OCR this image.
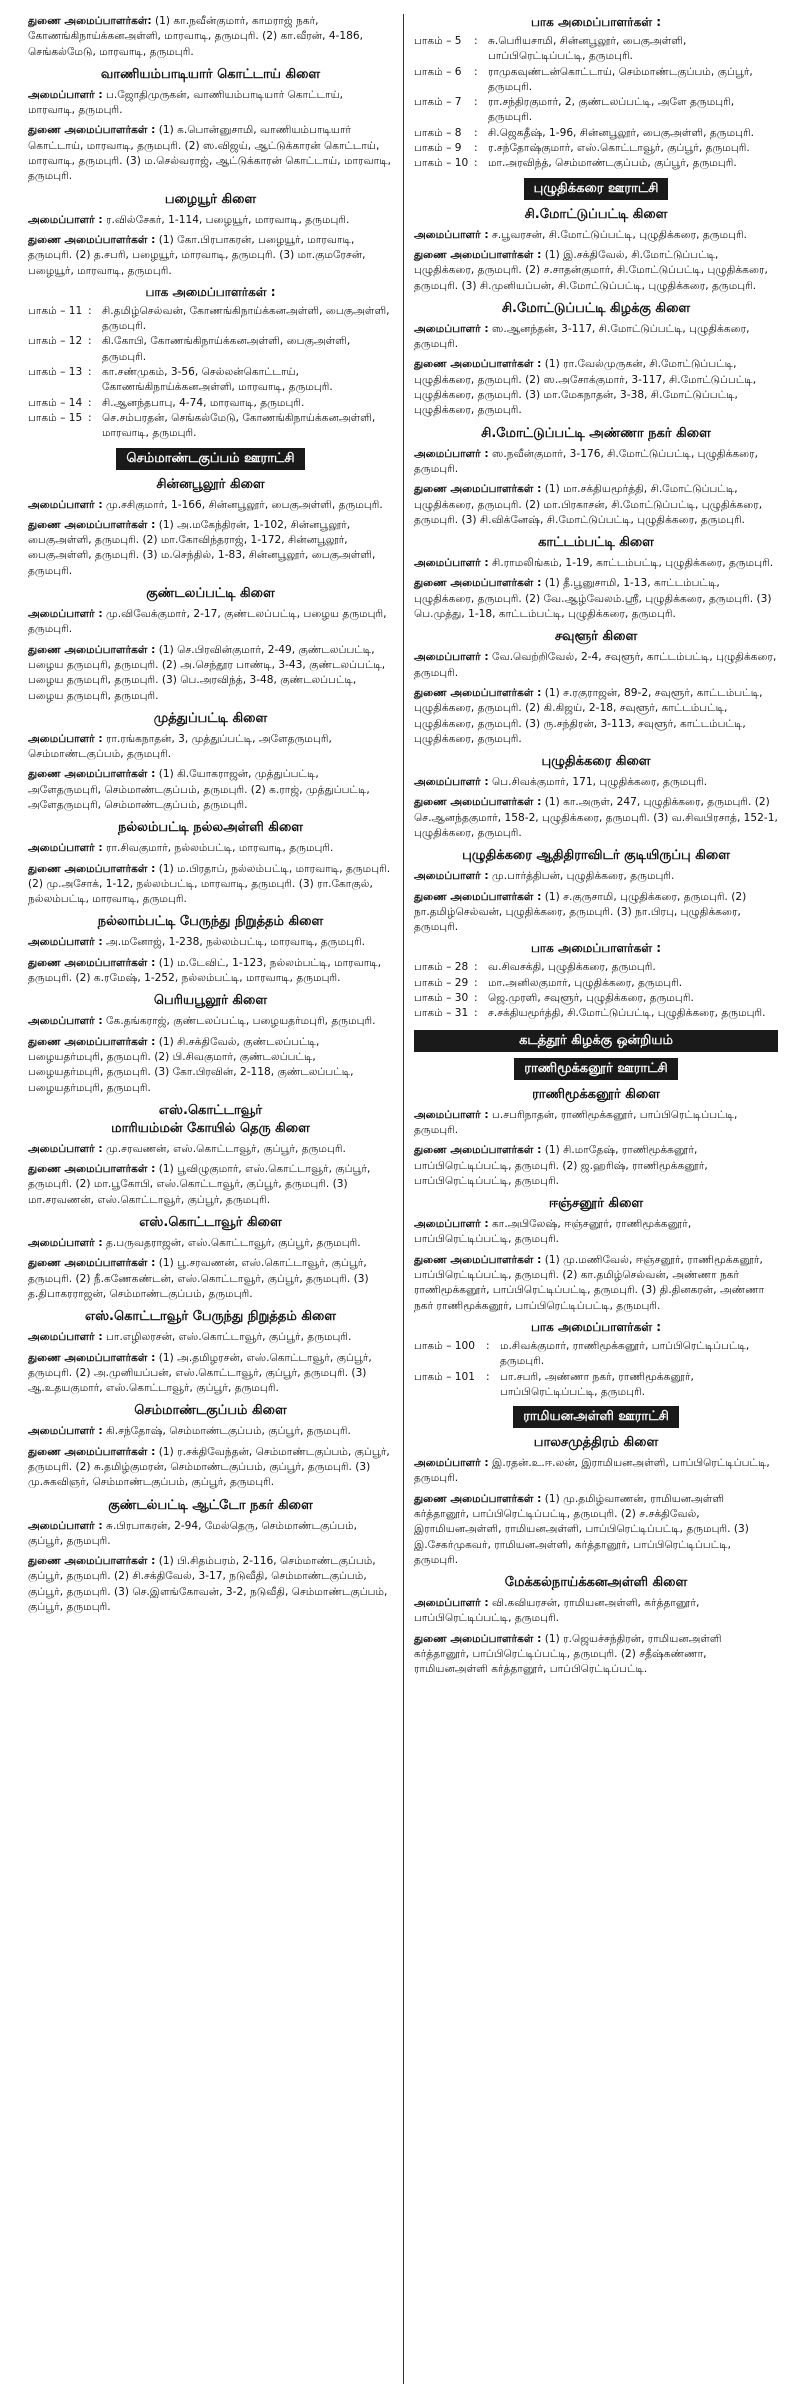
துணை அமைப்பாளர்கள்: (1) கா.நவீன்குமார், காமராஜ் நகர், கோணங்கிநாய்க்கனஅள்ளி, மாரவாடி, தருமபுரி. (2) கா.வீரன், 4-186, செங்கல்மேடு, மாரவாடி, தருமபுரி.

வாணியம்பாடியார் கொட்டாய் கிளை

அமைப்பாளர் : ப.ஜோதிமுருகன், வாணியம்பாடியார் கொட்டாய், மாரவாடி, தருமபுரி.

துணை அமைப்பாளர்கள் : (1) க.பொன்னுசாமி, வாணியம்பாடியார் கொட்டாய், மாரவாடி, தருமபுரி. (2) ஸ.விஜய், ஆட்டுக்காரன் கொட்டாய், மாரவாடி, தருமபுரி. (3) ம.செல்வராஜ், ஆட்டுக்காரன் கொட்டாய், மாரவாடி, தருமபுரி.

பழையூர் கிளை

அமைப்பாளர் : ர.வில்சேகர், 1-114, பழையூர், மாரவாடி, தருமபுரி.

துணை அமைப்பாளர்கள் : (1) கோ.பிரபாகரன், பழையூர், மாரவாடி, தருமபுரி. (2) த.சபரி, பழையூர், மாரவாடி, தருமபுரி. (3) மா.குமரேசன், பழையூர், மாரவாடி, தருமபுரி.

பாக அமைப்பாளர்கள் :
பாகம் – 11 : சி.தமிழ்செல்வன், கோணங்கிநாய்க்கனஅள்ளி, பைகுஅள்ளி, தருமபுரி.
பாகம் – 12 : கி.கோபி, கோணங்கிநாய்க்கனஅள்ளி, பைகுஅள்ளி, தருமபுரி.
பாகம் – 13 : கா.சண்முகம், 3-56, செல்லன்கொட்டாய், கோணங்கிநாய்க்கனஅள்ளி, மாரவாடி, தருமபுரி.
பாகம் – 14 : சி.ஆனந்தபாபு, 4-74, மாரவாடி, தருமபுரி.
பாகம் – 15 : செ.சம்பரதன், செங்கல்மேடு, கோணங்கிநாய்க்கனஅள்ளி, மாரவாடி, தருமபுரி.
செம்மாண்டகுப்பம் ஊராட்சி
சின்னபூலூர் கிளை

அமைப்பாளர் : மு.சசிகுமார், 1-166, சின்னபூலூர், பைகுஅள்ளி, தருமபுரி.

துணை அமைப்பாளர்கள் : (1) அ.மகேந்திரன், 1-102, சின்னபூலூர், பைகுஅள்ளி, தருமபுரி. (2) மா.கோவிந்தராஜ், 1-172, சின்னபூலூர், பைகுஅள்ளி, தருமபுரி. (3) ம.செந்தில், 1-83, சின்னபூலூர், பைகுஅள்ளி, தருமபுரி.

குண்டலப்பட்டி கிளை

அமைப்பாளர் : மு.விவேக்குமார், 2-17, குண்டலப்பட்டி, பழைய தருமபுரி, தருமபுரி.

துணை அமைப்பாளர்கள் : (1) செ.பிரவின்குமார், 2-49, குண்டலப்பட்டி, பழைய தருமபுரி, தருமபுரி. (2) அ.செந்தூர பாண்டி, 3-43, குண்டலப்பட்டி, பழைய தருமபுரி, தருமபுரி. (3) பெ.அரவிந்த், 3-48, குண்டலப்பட்டி, பழைய தருமபுரி, தருமபுரி.

முத்துப்பட்டி கிளை

அமைப்பாளர் : ரா.ரங்கநாதன், 3, முத்துப்பட்டி, அளேதருமபுரி, செம்மாண்டகுப்பம், தருமபுரி.

துணை அமைப்பாளர்கள் : (1) கி.யோகராஜன், முத்துப்பட்டி, அளேதருமபுரி, செம்மாண்டகுப்பம், தருமபுரி. (2) க.ராஜ், முத்துப்பட்டி, அளேதருமபுரி, செம்மாண்டகுப்பம், தருமபுரி.

நல்லம்பட்டி நல்லஅள்ளி கிளை

அமைப்பாளர் : ரா.சிவகுமார், நல்லம்பட்டி, மாரவாடி, தருமபுரி.

துணை அமைப்பாளர்கள் : (1) ம.பிரதாப், நல்லம்பட்டி, மாரவாடி, தருமபுரி. (2) மு.அசோக், 1-12, நல்லம்பட்டி, மாரவாடி, தருமபுரி. (3) ரா.கோகுல், நல்லம்பட்டி, மாரவாடி, தருமபுரி.

நல்லாம்பட்டி பேருந்து நிறுத்தம் கிளை

அமைப்பாளர் : அ.மனோஜ், 1-238, நல்லம்பட்டி, மாரவாடி, தருமபுரி.

துணை அமைப்பாளர்கள் : (1) ம.டேவிட், 1-123, நல்லம்பட்டி, மாரவாடி, தருமபுரி. (2) க.ரமேஷ், 1-252, நல்லம்பட்டி, மாரவாடி, தருமபுரி.

பெரியபூலூர் கிளை

அமைப்பாளர் : கே.தங்கராஜ், குண்டலப்பட்டி, பழையதர்மபுரி, தருமபுரி.

துணை அமைப்பாளர்கள் : (1) சி.சக்திவேல், குண்டலப்பட்டி, பழையதர்மபுரி, தருமபுரி. (2) பி.சிவகுமார், குண்டலப்பட்டி, பழையதர்மபுரி, தருமபுரி. (3) கோ.பிரவின், 2-118, குண்டலப்பட்டி, பழையதர்மபுரி, தருமபுரி.

எஸ்.கொட்டாவூர்
மாரியம்மன் கோயில் தெரு கிளை

அமைப்பாளர் : மு.சரவணன், எஸ்.கொட்டாவூர், குப்பூர், தருமபுரி.

துணை அமைப்பாளர்கள் : (1) பூவிழுகுமார், எஸ்.கொட்டாவூர், குப்பூர், தருமபுரி. (2) மா.பூகோபி, எஸ்.கொட்டாவூர், குப்பூர், தருமபுரி. (3) மா.சரவணன், எஸ்.கொட்டாவூர், குப்பூர், தருமபுரி.

எஸ்.கொட்டாவூர் கிளை

அமைப்பாளர் : த.பருவதராஜன், எஸ்.கொட்டாவூர், குப்பூர், தருமபுரி.

துணை அமைப்பாளர்கள் : (1) பூ.சரவணன், எஸ்.கொட்டாவூர், குப்பூர், தருமபுரி. (2) நீ.கணேகண்டன், எஸ்.கொட்டாவூர், குப்பூர், தருமபுரி. (3) த.திபாகரராஜன், செம்மாண்டகுப்பம், தருமபுரி.

எஸ்.கொட்டாவூர் பேருந்து நிறுத்தம் கிளை

அமைப்பாளர் : பா.எழிலரசன், எஸ்.கொட்டாவூர், குப்பூர், தருமபுரி.

துணை அமைப்பாளர்கள் : (1) அ.தமிழரசன், எஸ்.கொட்டாவூர், குப்பூர், தருமபுரி. (2) அ.முனியப்பன், எஸ்.கொட்டாவூர், குப்பூர், தருமபுரி. (3) ஆ.உதயகுமார், எஸ்.கொட்டாவூர், குப்பூர், தருமபுரி.

செம்மாண்டகுப்பம் கிளை

அமைப்பாளர் : கி.சந்தோஷ், செம்மாண்டகுப்பம், குப்பூர், தருமபுரி.

துணை அமைப்பாளர்கள் : (1) ர.சக்திவேந்தன், செம்மாண்டகுப்பம், குப்பூர், தருமபுரி. (2) சு.தமிழ்குமரன், செம்மாண்டகுப்பம், குப்பூர், தருமபுரி. (3) மு.சுகவிஞர், செம்மாண்டகுப்பம், குப்பூர், தருமபுரி.

குண்டல்பட்டி ஆட்டோ நகர் கிளை

அமைப்பாளர் : சு.பிரபாகரன், 2-94, மேல்தெரு, செம்மாண்டகுப்பம், குப்பூர், தருமபுரி.

துணை அமைப்பாளர்கள் : (1) பி.சிதம்பரம், 2-116, செம்மாண்டகுப்பம், குப்பூர், தருமபுரி. (2) சி.சக்திவேல், 3-17, நடுவீதி, செம்மாண்டகுப்பம், குப்பூர், தருமபுரி. (3) செ.இளங்கோவன், 3-2, நடுவீதி, செம்மாண்டகுப்பம், குப்பூர், தருமபுரி.

பாக அமைப்பாளர்கள் :
பாகம் – 5	: சு.பெரியசாமி, சின்னபூலூர், பைகுஅள்ளி, பாப்பிரெட்டிப்பட்டி, தருமபுரி.
பாகம் – 6	: ராமுகவுண்டன்கொட்டாய், செம்மாண்டகுப்பம், குப்பூர், தருமபுரி.
பாகம் – 7	: ரா.சந்திரகுமார், 2, குண்டலப்பட்டி, அளே தருமபுரி, தருமபுரி.
பாகம் – 8	: சி.ஜெகதீஷ், 1-96, சின்னபூலூர், பைகுஅள்ளி, தருமபுரி.
பாகம் – 9	: ர.சந்தோஷ்குமார், எஸ்.கொட்டாவூர், குப்பூர், தருமபுரி.
பாகம் – 10 : மா.அரவிந்த், செம்மாண்டகுப்பம், குப்பூர், தருமபுரி.
புழுதிக்கரை ஊராட்சி
சி.மோட்டுப்பட்டி கிளை

அமைப்பாளர் : ச.பூவரசன், சி.மோட்டுப்பட்டி, புழுதிக்கரை, தருமபுரி.

துணை அமைப்பாளர்கள் : (1) இ.சக்திவேல், சி.மோட்டுப்பட்டி, புழுதிக்கரை, தருமபுரி. (2) ச.சாதன்குமார், சி.மோட்டுப்பட்டி, புழுதிக்கரை, தருமபுரி. (3) சி.முனியப்பன், சி.மோட்டுப்பட்டி, புழுதிக்கரை, தருமபுரி.

சி.மோட்டுப்பட்டி கிழக்கு கிளை

அமைப்பாளர் : ஸ.ஆனந்தன், 3-117, சி.மோட்டுப்பட்டி, புழுதிக்கரை, தருமபுரி.

துணை அமைப்பாளர்கள் : (1) ரா.வேல்முருகன், சி.மோட்டுப்பட்டி, புழுதிக்கரை, தருமபுரி. (2) ஸ.அசோக்குமார், 3-117, சி.மோட்டுப்பட்டி, புழுதிக்கரை, தருமபுரி. (3) மா.மேகநாதன், 3-38, சி.மோட்டுப்பட்டி, புழுதிக்கரை, தருமபுரி.

சி.மோட்டுப்பட்டி அண்ணா நகர் கிளை

அமைப்பாளர் : ஸ.நவீன்குமார், 3-176, சி.மோட்டுப்பட்டி, புழுதிக்கரை, தருமபுரி.

துணை அமைப்பாளர்கள் : (1) மா.சக்தியமூர்த்தி, சி.மோட்டுப்பட்டி, புழுதிக்கரை, தருமபுரி. (2) மா.பிரகாசன், சி.மோட்டுப்பட்டி, புழுதிக்கரை, தருமபுரி. (3) சி.விக்னேஷ், சி.மோட்டுப்பட்டி, புழுதிக்கரை, தருமபுரி.

காட்டம்பட்டி கிளை

அமைப்பாளர் : சி.ராமலிங்கம், 1-19, காட்டம்பட்டி, புழுதிக்கரை, தருமபுரி.

துணை அமைப்பாளர்கள் : (1) தீ.பூனுசாமி, 1-13, காட்டம்பட்டி, புழுதிக்கரை, தருமபுரி. (2) வே.ஆழ்வேலம்.ஸ்ரீ, புழுதிக்கரை, தருமபுரி. (3) பெ.முத்து, 1-18, காட்டம்பட்டி, புழுதிக்கரை, தருமபுரி.

சவுளூர் கிளை

அமைப்பாளர் : வே.வெற்றிவேல், 2-4, சவுளூர், காட்டம்பட்டி, புழுதிக்கரை, தருமபுரி.

துணை அமைப்பாளர்கள் : (1) ச.ரகுராஜன், 89-2, சவுளூர், காட்டம்பட்டி, புழுதிக்கரை, தருமபுரி. (2) கி.கிஜய், 2-18, சவுளூர், காட்டம்பட்டி, புழுதிக்கரை, தருமபுரி. (3) ரு.சந்திரன், 3-113, சவுளூர், காட்டம்பட்டி, புழுதிக்கரை, தருமபுரி.

புழுதிக்கரை கிளை

அமைப்பாளர் : பெ.சிவக்குமார், 171, புழுதிக்கரை, தருமபுரி.

துணை அமைப்பாளர்கள் : (1) கா.அருள், 247, புழுதிக்கரை, தருமபுரி. (2) செ.ஆனந்தகுமார், 158-2, புழுதிக்கரை, தருமபுரி. (3) வ.சிவபிரசாத், 152-1, புழுதிக்கரை, தருமபுரி.

புழுதிக்கரை ஆதிதிராவிடர் குடியிருப்பு கிளை

அமைப்பாளர் : மு.பார்த்திபன், புழுதிக்கரை, தருமபுரி.

துணை அமைப்பாளர்கள் : (1) ச.குருசாமி, புழுதிக்கரை, தருமபுரி. (2) நா.தமிழ்செல்வன், புழுதிக்கரை, தருமபுரி. (3) நா.பிரபு, புழுதிக்கரை, தருமபுரி.

பாக அமைப்பாளர்கள் :
பாகம் – 28 : வ.சிவசக்தி, புழுதிக்கரை, தருமபுரி.
பாகம் – 29 : மா.அனிலகுமார், புழுதிக்கரை, தருமபுரி.
பாகம் – 30 : ஜெ.முரளி, சவுளூர், புழுதிக்கரை, தருமபுரி.
பாகம் – 31 : ச.சக்தியமூர்த்தி, சி.மோட்டுப்பட்டி, புழுதிக்கரை, தருமபுரி.
கடத்தூர் கிழக்கு ஒன்றியம்
ராணிமூக்கனூர் ஊராட்சி
ராணிமூக்கனூர் கிளை

அமைப்பாளர் : ப.சபரிநாதன், ராணிமூக்கனூர், பாப்பிரெட்டிப்பட்டி, தருமபுரி.

துணை அமைப்பாளர்கள் : (1) சி.மாதேஷ், ராணிமூக்கனூர், பாப்பிரெட்டிப்பட்டி, தருமபுரி. (2) ஜ.ஹரிஷ், ராணிமூக்கனூர், பாப்பிரெட்டிப்பட்டி, தருமபுரி.

ஈஞ்சனூர் கிளை

அமைப்பாளர் : கா.அபிலேஷ், ஈஞ்சனூர், ராணிமூக்கனூர், பாப்பிரெட்டிப்பட்டி, தருமபுரி.

துணை அமைப்பாளர்கள் : (1) மு.மணிவேல், ஈஞ்சனூர், ராணிமூக்கனூர், பாப்பிரெட்டிப்பட்டி, தருமபுரி. (2) கா.தமிழ்செல்வன், அண்ணா நகர் ராணிமூக்கனூர், பாப்பிரெட்டிப்பட்டி, தருமபுரி. (3) தி.தினகரன், அண்ணா நகர் ராணிமூக்கனூர், பாப்பிரெட்டிப்பட்டி, தருமபுரி.

பாக அமைப்பாளர்கள் :
பாகம் – 100	: ம.சிவக்குமார், ராணிமூக்கனூர், பாப்பிரெட்டிப்பட்டி, தருமபுரி.
பாகம் – 101	: பா.சபரி, அண்ணா நகர், ராணிமூக்கனூர், பாப்பிரெட்டிப்பட்டி, தருமபுரி.
ராமியனஅள்ளி ஊராட்சி
பாலசமுத்திரம் கிளை

அமைப்பாளர் : இ.ரதன்.உ.ஈ.லன், இராமியனஅள்ளி, பாப்பிரெட்டிப்பட்டி, தருமபுரி.

துணை அமைப்பாளர்கள் : (1) மு.தமிழ்வாணன், ராமியனஅள்ளி கர்த்தானூர், பாப்பிரெட்டிப்பட்டி, தருமபுரி. (2) ச.சக்திவேல், இராமியனஅள்ளி, ராமியனஅள்ளி, பாப்பிரெட்டிப்பட்டி, தருமபுரி. (3) இ.சேகர்முகவர், ராமியனஅள்ளி, கர்த்தானூர், பாப்பிரெட்டிப்பட்டி, தருமபுரி.

மேக்கல்நாய்க்கனஅள்ளி கிளை

அமைப்பாளர் : வி.கவியரசன், ராமியனஅள்ளி, கர்த்தானூர், பாப்பிரெட்டிப்பட்டி, தருமபுரி.

துணை அமைப்பாளர்கள் : (1) ர.ஜெயச்சந்திரன், ராமியனஅள்ளி கர்த்தானூர், பாப்பிரெட்டிப்பட்டி, தருமபுரி. (2) சதீஷ்கண்ணா, ராமியனஅள்ளி கர்த்தானூர், பாப்பிரெட்டிப்பட்டி.
